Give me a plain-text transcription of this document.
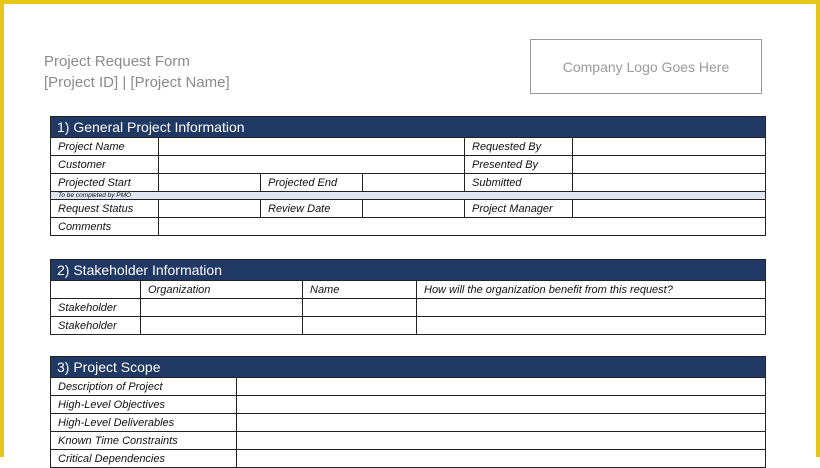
Project Request Form
[Project ID] | [Project Name]
Company Logo Goes Here
1) General Project Information					
Project Name				Requested By	
Customer				Presented By	
Projected Start		Projected End		Submitted	
To be completed by PMO					
Request Status		Review Date		Project Manager	
Comments					
2) Stakeholder Information			
	Organization	Name	How will the organization benefit from this request?
Stakeholder			
Stakeholder			
3) Project Scope	
Description of Project	
High-Level Objectives	
High-Level Deliverables	
Known Time Constraints	
Critical Dependencies	
